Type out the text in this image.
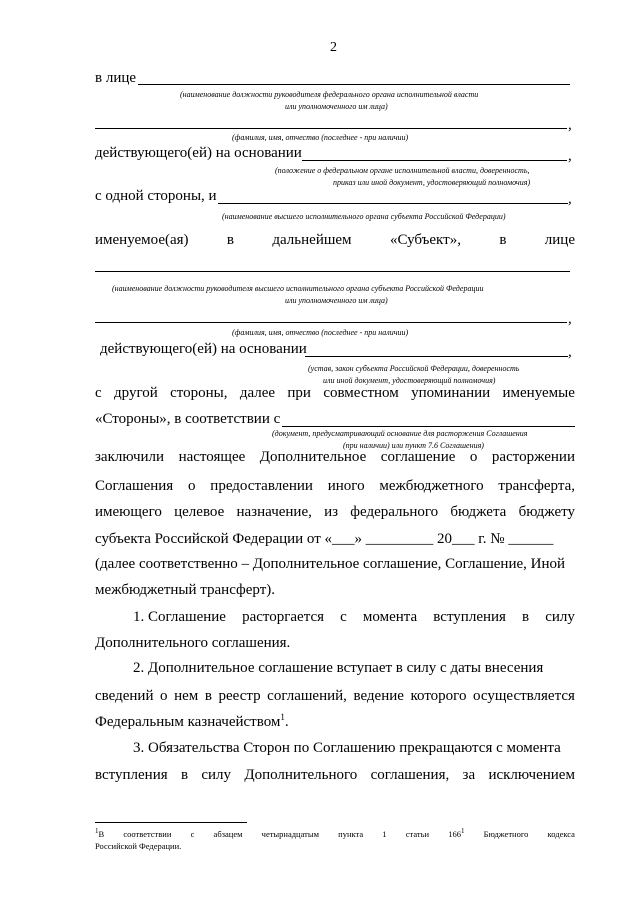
2
в лице
(наименование должности руководителя федерального органа исполнительной власти
или уполномоченного им лица)
,
(фамилия, имя, отчество (последнее - при наличии)
действующего(ей) на основании	,
(положение о федеральном органе исполнительной власти, доверенность,
приказ или иной документ, удостоверяющий полномочия)
с одной стороны, и	,
(наименование высшего исполнительного органа субъекта Российской Федерации)
именуемое(ая)	в	дальнейшем	«Субъект»,	в	лице
(наименование должности руководителя высшего исполнительного органа субъекта Российской Федерации
или уполномоченного им лица)
,
(фамилия, имя, отчество (последнее - при наличии)
действующего(ей) на основании	,
(устав, закон субъекта Российской Федерации, доверенность
или иной документ, удостоверяющий полномочия)
с другой стороны, далее при совместном упоминании именуемые
«Стороны», в соответствии с
(документ, предусматривающий основание для расторжения Соглашения
(при наличии) или пункт 7.6 Соглашения)
заключили настоящее Дополнительное соглашение о расторжении
Соглашения о предоставлении иного межбюджетного трансферта,
имеющего целевое назначение, из федерального бюджета бюджету
субъекта Российской Федерации от «___» _________ 20___ г. № ______
(далее соответственно – Дополнительное соглашение, Соглашение, Иной
межбюджетный трансферт).
1. Соглашение расторгается с момента вступления в силу
Дополнительного соглашения.
2. Дополнительное соглашение вступает в силу с даты внесения
сведений о нем в реестр соглашений, ведение которого осуществляется
Федеральным казначейством$^1$.
3. Обязательства Сторон по Соглашению прекращаются с момента
вступления в силу Дополнительного соглашения, за исключением
$^1$В соответствии с абзацем четырнадцатым пункта 1 статьи $166^1$ Бюджетного кодекса
Российской Федерации.
